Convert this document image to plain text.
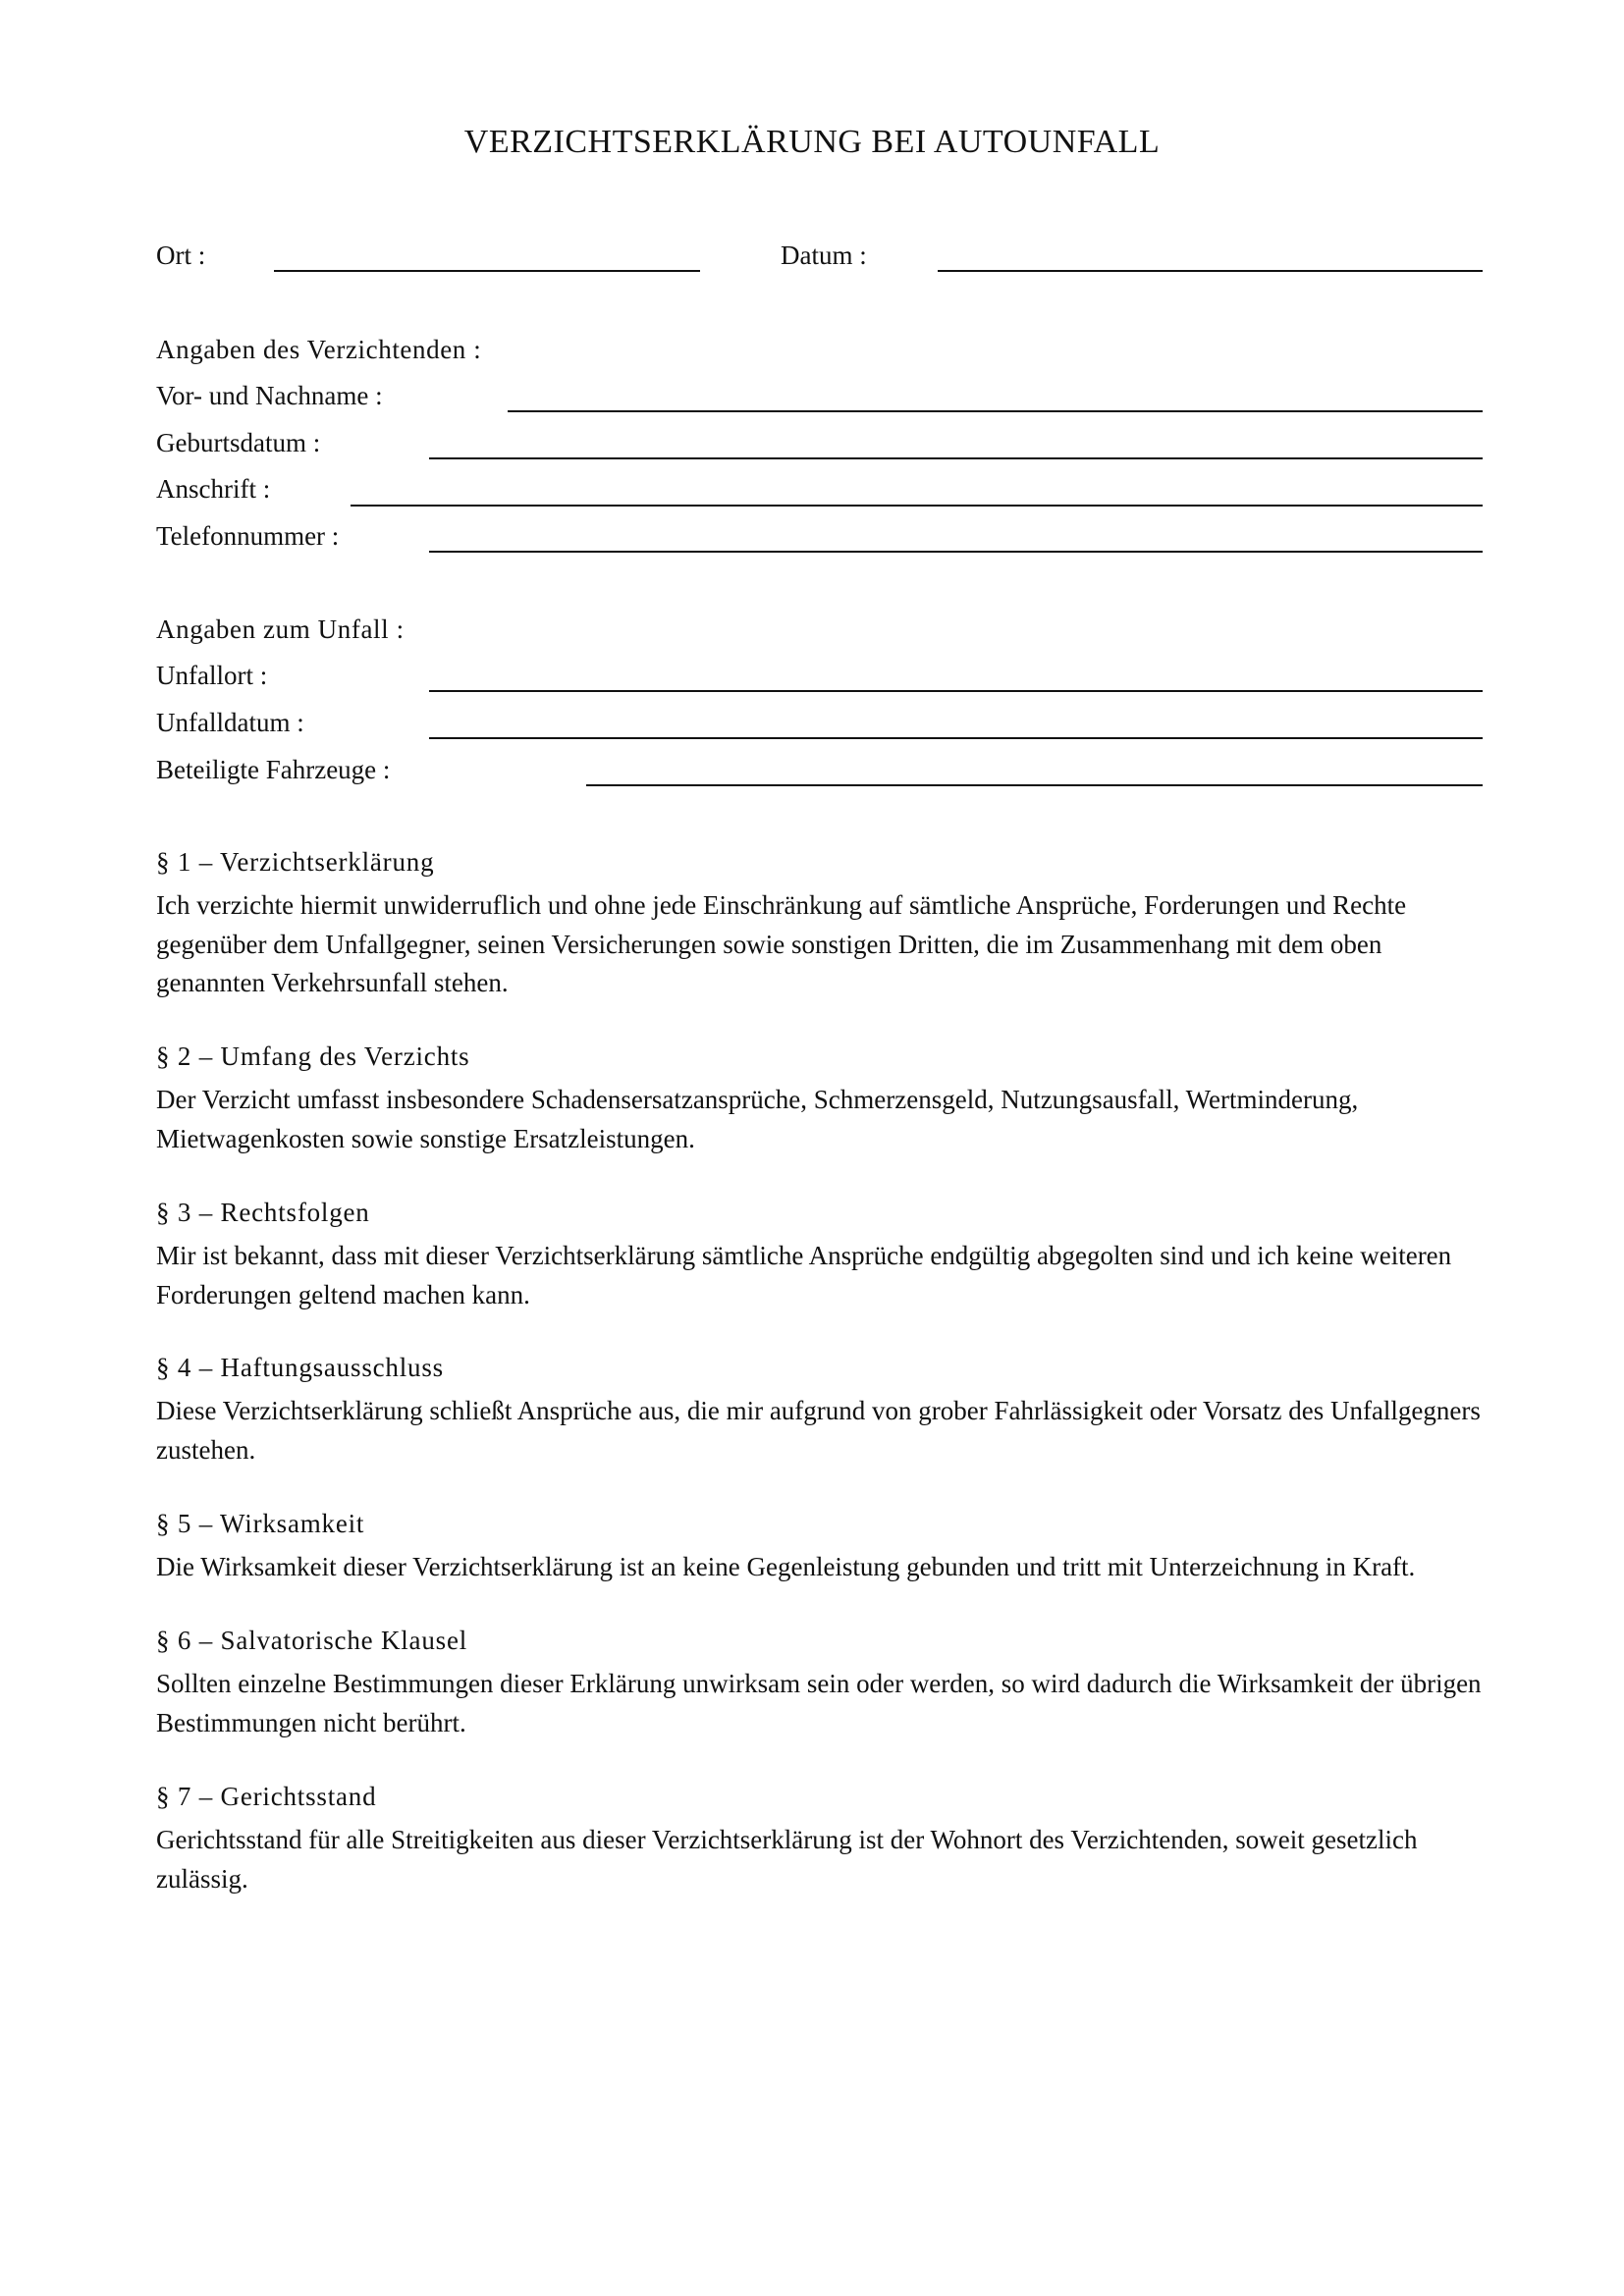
VERZICHTSERKLÄRUNG BEI AUTOUNFALL
Ort :	Datum :
Angaben des Verzichtenden :
Vor- und Nachname :
Geburtsdatum :
Anschrift :
Telefonnummer :
Angaben zum Unfall :
Unfallort :
Unfalldatum :
Beteiligte Fahrzeuge :
§ 1 – Verzichtserklärung

Ich verzichte hiermit unwiderruflich und ohne jede Einschränkung auf sämtliche Ansprüche, Forderungen und Rechte gegenüber dem Unfallgegner, seinen Versicherungen sowie sonstigen Dritten, die im Zusammenhang mit dem oben genannten Verkehrsunfall stehen.

§ 2 – Umfang des Verzichts

Der Verzicht umfasst insbesondere Schadensersatzansprüche, Schmerzensgeld, Nutzungsausfall, Wertminderung, Mietwagenkosten sowie sonstige Ersatzleistungen.

§ 3 – Rechtsfolgen

Mir ist bekannt, dass mit dieser Verzichtserklärung sämtliche Ansprüche endgültig abgegolten sind und ich keine weiteren Forderungen geltend machen kann.

§ 4 – Haftungsausschluss

Diese Verzichtserklärung schließt Ansprüche aus, die mir aufgrund von grober Fahrlässigkeit oder Vorsatz des Unfallgegners zustehen.

§ 5 – Wirksamkeit

Die Wirksamkeit dieser Verzichtserklärung ist an keine Gegenleistung gebunden und tritt mit Unterzeichnung in Kraft.

§ 6 – Salvatorische Klausel

Sollten einzelne Bestimmungen dieser Erklärung unwirksam sein oder werden, so wird dadurch die Wirksamkeit der übrigen Bestimmungen nicht berührt.

§ 7 – Gerichtsstand

Gerichtsstand für alle Streitigkeiten aus dieser Verzichtserklärung ist der Wohnort des Verzichtenden, soweit gesetzlich zulässig.
